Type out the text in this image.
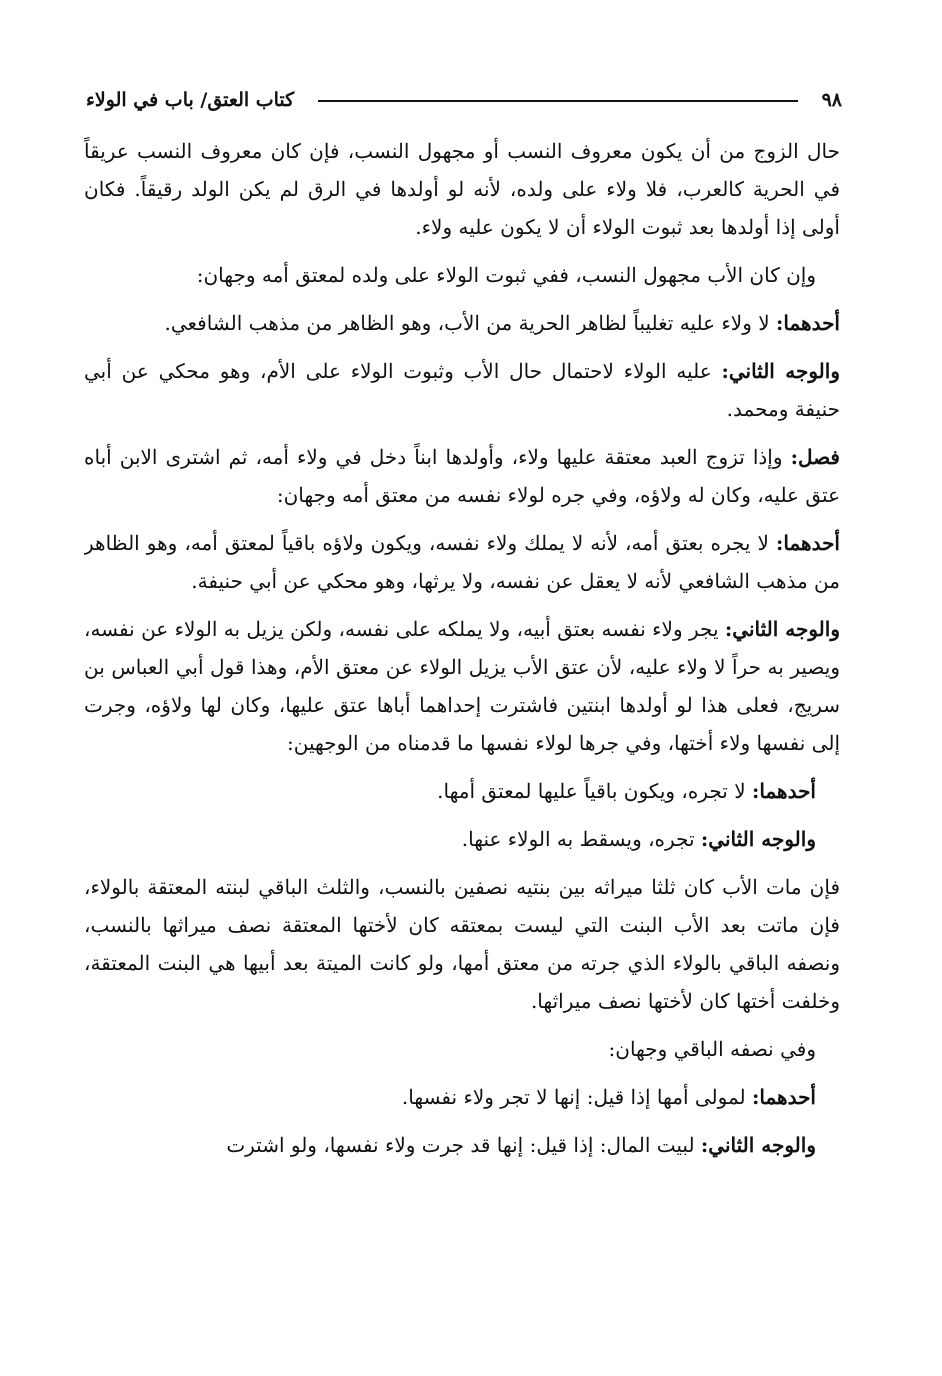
٩٨
كتاب العتق/ باب في الولاء

حال الزوج من أن يكون معروف النسب أو مجهول النسب، فإن كان معروف النسب عريقاً في الحرية كالعرب، فلا ولاء على ولده، لأنه لو أولدها في الرق لم يكن الولد رقيقاً. فكان أولى إذا أولدها بعد ثبوت الولاء أن لا يكون عليه ولاء.

وإن كان الأب مجهول النسب، ففي ثبوت الولاء على ولده لمعتق أمه وجهان:

أحدهما: لا ولاء عليه تغليباً لظاهر الحرية من الأب، وهو الظاهر من مذهب الشافعي.

والوجه الثاني: عليه الولاء لاحتمال حال الأب وثبوت الولاء على الأم، وهو محكي عن أبي حنيفة ومحمد.

فصل: وإذا تزوج العبد معتقة عليها ولاء، وأولدها ابناً دخل في ولاء أمه، ثم اشترى الابن أباه عتق عليه، وكان له ولاؤه، وفي جره لولاء نفسه من معتق أمه وجهان:

أحدهما: لا يجره بعتق أمه، لأنه لا يملك ولاء نفسه، ويكون ولاؤه باقياً لمعتق أمه، وهو الظاهر من مذهب الشافعي لأنه لا يعقل عن نفسه، ولا يرثها، وهو محكي عن أبي حنيفة.

والوجه الثاني: يجر ولاء نفسه بعتق أبيه، ولا يملكه على نفسه، ولكن يزيل به الولاء عن نفسه، ويصير به حراً لا ولاء عليه، لأن عتق الأب يزيل الولاء عن معتق الأم، وهذا قول أبي العباس بن سريج، فعلى هذا لو أولدها ابنتين فاشترت إحداهما أباها عتق عليها، وكان لها ولاؤه، وجرت إلى نفسها ولاء أختها، وفي جرها لولاء نفسها ما قدمناه من الوجهين:

أحدهما: لا تجره، ويكون باقياً عليها لمعتق أمها.

والوجه الثاني: تجره، ويسقط به الولاء عنها.

فإن مات الأب كان ثلثا ميراثه بين بنتيه نصفين بالنسب، والثلث الباقي لبنته المعتقة بالولاء، فإن ماتت بعد الأب البنت التي ليست بمعتقه كان لأختها المعتقة نصف ميراثها بالنسب، ونصفه الباقي بالولاء الذي جرته من معتق أمها، ولو كانت الميتة بعد أبيها هي البنت المعتقة، وخلفت أختها كان لأختها نصف ميراثها.

وفي نصفه الباقي وجهان:

أحدهما: لمولى أمها إذا قيل: إنها لا تجر ولاء نفسها.

والوجه الثاني: لبيت المال: إذا قيل: إنها قد جرت ولاء نفسها، ولو اشترت
